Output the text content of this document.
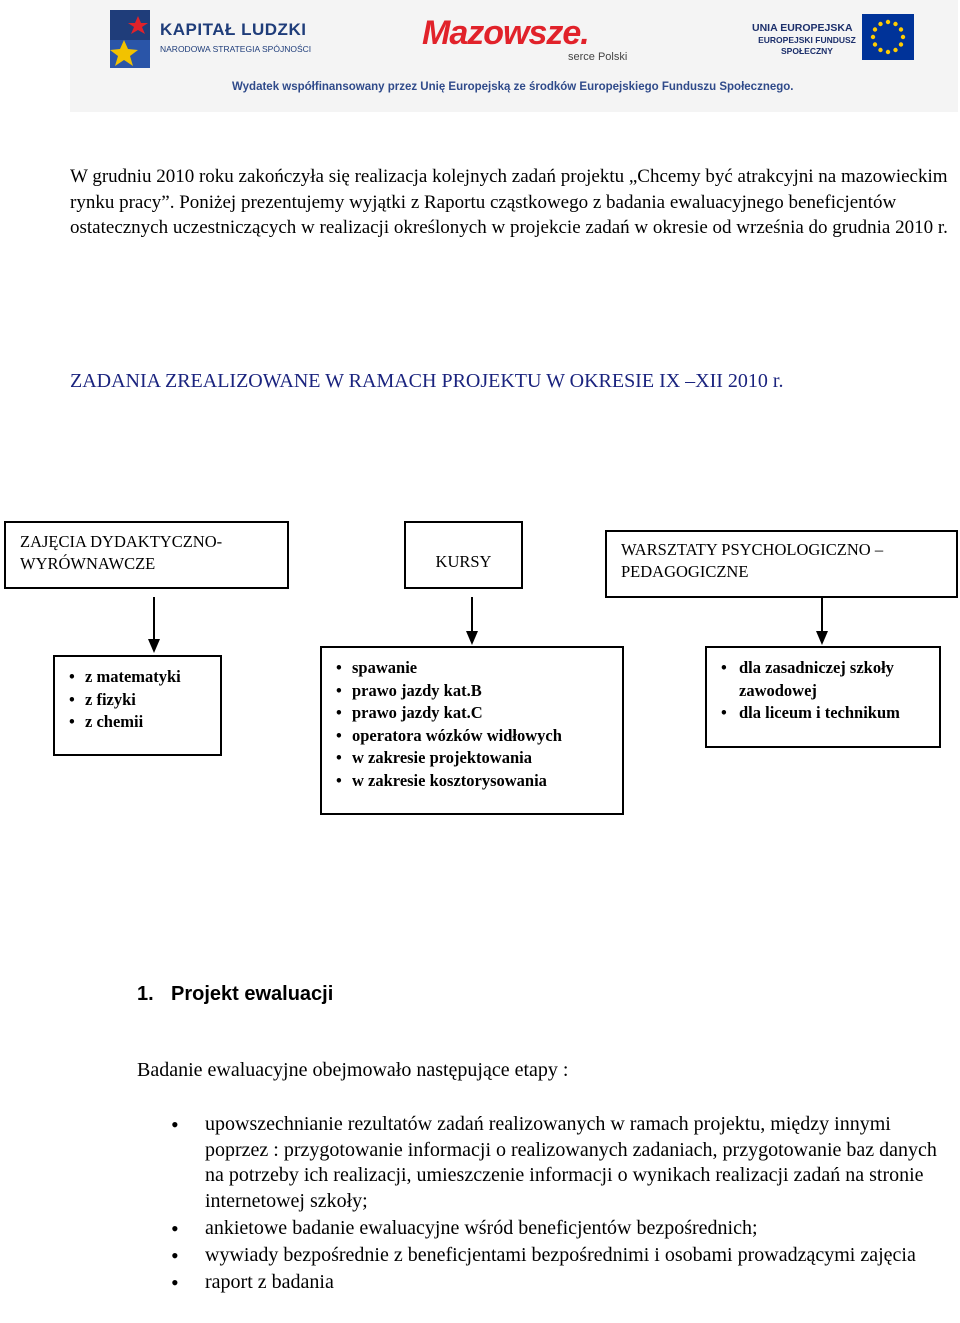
KAPITAŁ LUDZKI
NARODOWA STRATEGIA SPÓJNOŚCI	Mazowsze.
serce Polski
UNIA EUROPEJSKA
EUROPEJSKI FUNDUSZ SPOŁECZNY
Wydatek współfinansowany przez Unię Europejską ze środków Europejskiego Funduszu Społecznego.
W grudniu 2010 roku zakończyła się realizacja kolejnych zadań projektu „Chcemy być atrakcyjni na mazowieckim rynku pracy”. Poniżej prezentujemy wyjątki z Raportu cząstkowego z badania ewaluacyjnego beneficjentów ostatecznych uczestniczących w realizacji określonych w projekcie zadań w okresie od września do grudnia 2010 r.
ZADANIA ZREALIZOWANE W RAMACH PROJEKTU W OKRESIE IX –XII 2010 r.
ZAJĘCIA DYDAKTYCZNO-WYRÓWNAWCZE	KURSY
WARSZTATY PSYCHOLOGICZNO – PEDAGOGICZNE
• z matematyki
• z fizyki
• z chemii
• spawanie
• prawo jazdy kat.B
• prawo jazdy kat.C
• operatora wózków widłowych
• w zakresie projektowania
• w zakresie kosztorysowania
• dla zasadniczej szkoły zawodowej
• dla liceum i technikum
1. Projekt ewaluacji
Badanie ewaluacyjne obejmowało następujące etapy :
• upowszechnianie rezultatów zadań realizowanych w ramach projektu, między innymi poprzez : przygotowanie informacji o realizowanych zadaniach, przygotowanie baz danych na potrzeby ich realizacji, umieszczenie informacji o wynikach realizacji zadań na stronie internetowej szkoły;
• ankietowe badanie ewaluacyjne wśród beneficjentów bezpośrednich;
• wywiady bezpośrednie z beneficjentami bezpośrednimi i osobami prowadzącymi zajęcia
• raport z badania
